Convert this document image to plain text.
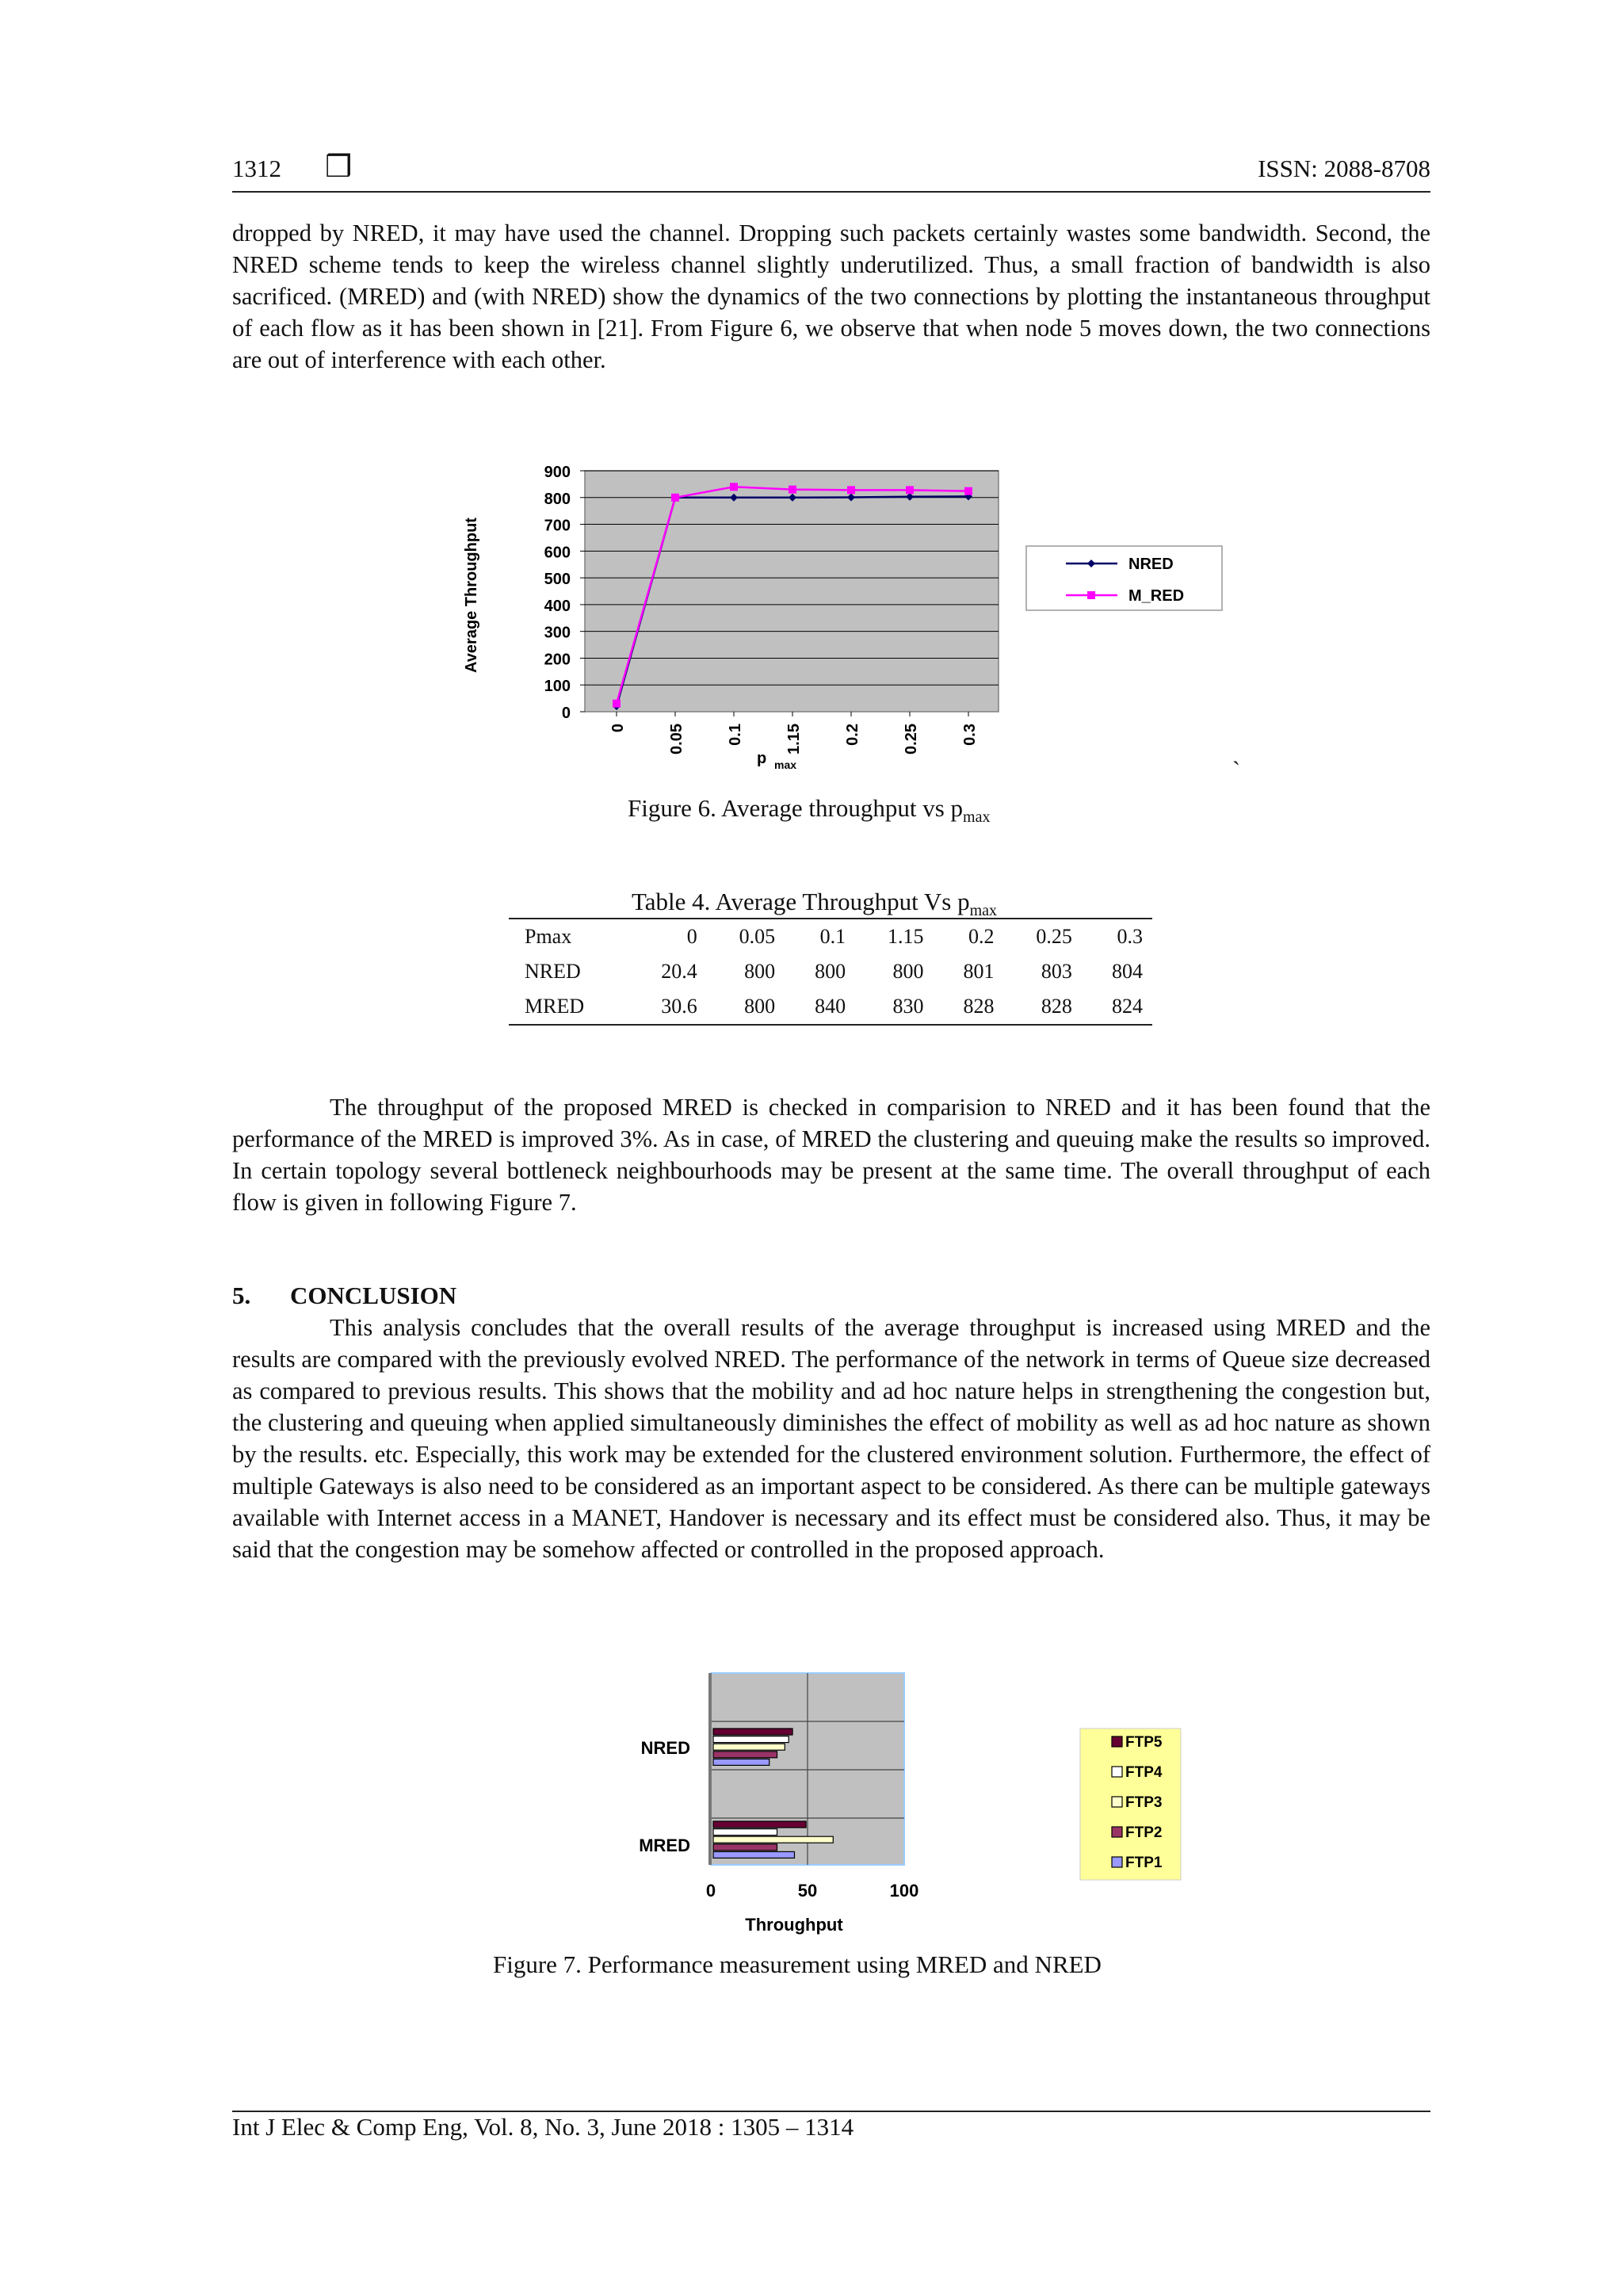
1312 ❒	ISSN: 2088-8708

dropped by NRED, it may have used the channel. Dropping such packets certainly wastes some bandwidth. Second, the NRED scheme tends to keep the wireless channel slightly underutilized. Thus, a small fraction of bandwidth is also sacrificed. (MRED) and (with NRED) show the dynamics of the two connections by plotting the instantaneous throughput of each flow as it has been shown in [21]. From Figure 6, we observe that when node 5 moves down, the two connections are out of interference with each other.

0
100
200
300
400
500
600
700
800
900
0	0.05	0.1	1.15	0.2	0.25	0.3
p max
Average Throughput	NRED
M_RED
`
Figure 6. Average throughput vs $p_{max}$
Table 4. Average Throughput Vs $p_{max}$
Pmax	0	0.05	0.1	1.15	0.2	0.25	0.3
NRED	20.4	800	800	800	801	803	804
MRED	30.6	800	840	830	828	828	824

The throughput of the proposed MRED is checked in comparision to NRED and it has been found that the performance of the MRED is improved 3%. As in case, of MRED the clustering and queuing make the results so improved. In certain topology several bottleneck neighbourhoods may be present at the same time. The overall throughput of each flow is given in following Figure 7.

5. CONCLUSION

This analysis concludes that the overall results of the average throughput is increased using MRED and the results are compared with the previously evolved NRED. The performance of the network in terms of Queue size decreased as compared to previous results. This shows that the mobility and ad hoc nature helps in strengthening the congestion but, the clustering and queuing when applied simultaneously diminishes the effect of mobility as well as ad hoc nature as shown by the results. etc. Especially, this work may be extended for the clustered environment solution. Furthermore, the effect of multiple Gateways is also need to be considered as an important aspect to be considered. As there can be multiple gateways available with Internet access in a MANET, Handover is necessary and its effect must be considered also. Thus, it may be said that the congestion may be somehow affected or controlled in the proposed approach.

0	50	100
Throughput
MRED
NRED	FTP5
FTP4
FTP3
FTP2
FTP1
Figure 7. Performance measurement using MRED and NRED
Int J Elec & Comp Eng, Vol. 8, No. 3, June 2018 : 1305 – 1314
